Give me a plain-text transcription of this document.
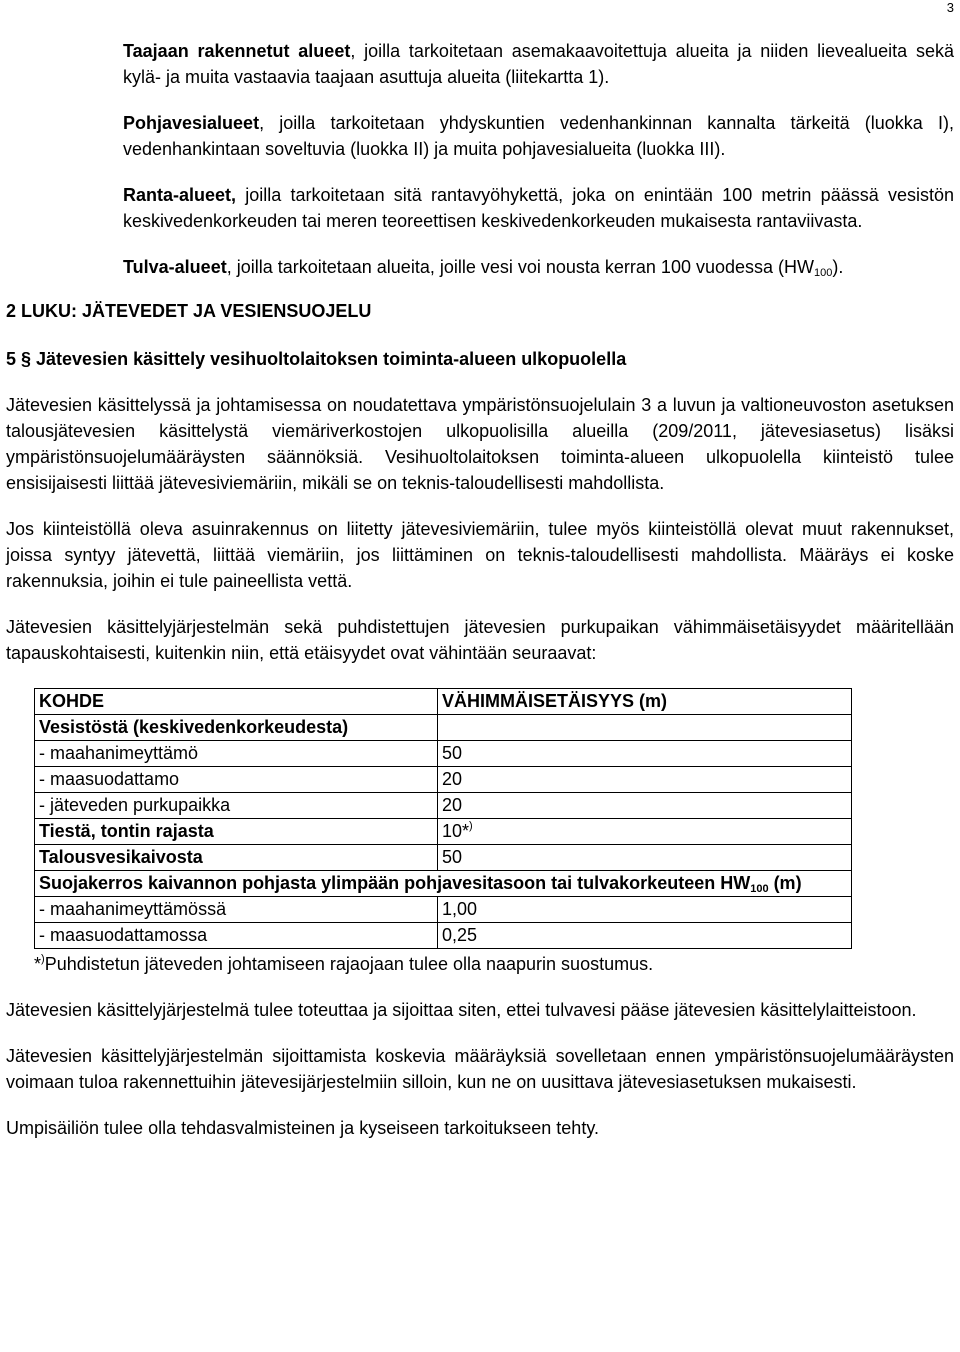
3

Taajaan rakennetut alueet, joilla tarkoitetaan asemakaavoitettuja alueita ja niiden lievealueita sekä kylä- ja muita vastaavia taajaan asuttuja alueita (liitekartta 1).

Pohjavesialueet, joilla tarkoitetaan yhdyskuntien vedenhankinnan kannalta tärkeitä (luokka I), vedenhankintaan soveltuvia (luokka II) ja muita pohjavesialueita (luokka III).

Ranta-alueet, joilla tarkoitetaan sitä rantavyöhykettä, joka on enintään 100 metrin päässä vesistön keskivedenkorkeuden tai meren teoreettisen keskivedenkorkeuden mukaisesta rantaviivasta.

Tulva-alueet, joilla tarkoitetaan alueita, joille vesi voi nousta kerran 100 vuodessa $(HW_{100})$.

2 LUKU: JÄTEVEDET JA VESIENSUOJELU
5 § Jätevesien käsittely vesihuoltolaitoksen toiminta-alueen ulkopuolella

Jätevesien käsittelyssä ja johtamisessa on noudatettava ympäristönsuojelulain 3 a luvun ja valtioneuvoston asetuksen talousjätevesien käsittelystä viemäriverkostojen ulkopuolisilla alueilla (209/2011, jätevesiasetus) lisäksi ympäristönsuojelumääräysten säännöksiä. Vesihuoltolaitoksen toiminta-alueen ulkopuolella kiinteistö tulee ensisijaisesti liittää jätevesiviemäriin, mikäli se on teknis-taloudellisesti mahdollista.

Jos kiinteistöllä oleva asuinrakennus on liitetty jätevesiviemäriin, tulee myös kiinteistöllä olevat muut rakennukset, joissa syntyy jätevettä, liittää viemäriin, jos liittäminen on teknis-taloudellisesti mahdollista. Määräys ei koske rakennuksia, joihin ei tule paineellista vettä.

Jätevesien käsittelyjärjestelmän sekä puhdistettujen jätevesien purkupaikan vähimmäisetäisyydet määritellään tapauskohtaisesti, kuitenkin niin, että etäisyydet ovat vähintään seuraavat:

KOHDE	VÄHIMMÄISETÄISYYS (m)
Vesistöstä (keskivedenkorkeudesta)	
- maahanimeyttämö	50
- maasuodattamo	20
- jäteveden purkupaikka	20
Tiestä, tontin rajasta	10*)
Talousvesikaivosta	50
Suojakerros kaivannon pohjasta ylimpään pohjavesitasoon tai tulvakorkeuteen $HW_{100}$ (m)	
- maahanimeyttämössä	1,00
- maasuodattamossa	0,25

*)Puhdistetun jäteveden johtamiseen rajaojaan tulee olla naapurin suostumus.

Jätevesien käsittelyjärjestelmä tulee toteuttaa ja sijoittaa siten, ettei tulvavesi pääse jätevesien käsittelylaitteistoon.

Jätevesien käsittelyjärjestelmän sijoittamista koskevia määräyksiä sovelletaan ennen ympäristönsuojelumääräysten voimaan tuloa rakennettuihin jätevesijärjestelmiin silloin, kun ne on uusittava jätevesiasetuksen mukaisesti.

Umpisäiliön tulee olla tehdasvalmisteinen ja kyseiseen tarkoitukseen tehty.
